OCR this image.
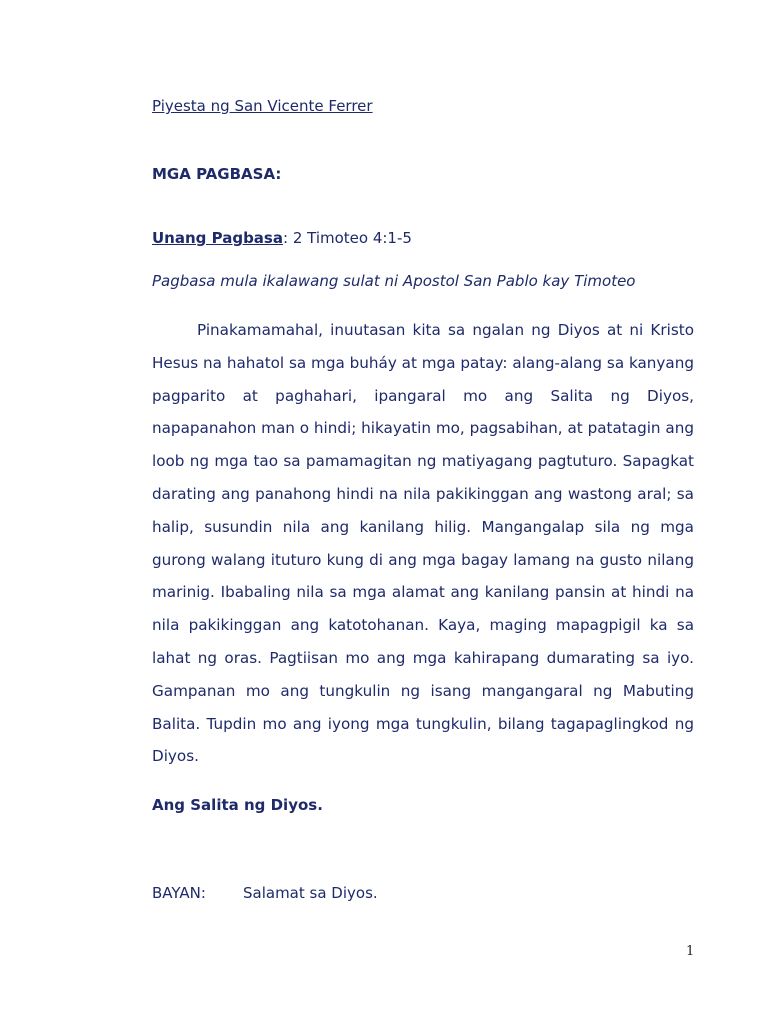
Piyesta ng San Vicente Ferrer
MGA PAGBASA:
Unang Pagbasa: 2 Timoteo 4:1-5
Pagbasa mula ikalawang sulat ni Apostol San Pablo kay Timoteo

Pinakamamahal, inuutasan kita sa ngalan ng Diyos at ni Kristo Hesus na hahatol sa mga buháy at mga patay: alang-alang sa kanyang pagparito at paghahari, ipangaral mo ang Salita ng Diyos, napapanahon man o hindi; hikayatin mo, pagsabihan, at patatagin ang loob ng mga tao sa pamamagitan ng matiyagang pagtuturo. Sapagkat darating ang panahong hindi na nila pakikinggan ang wastong aral; sa halip, susundin nila ang kanilang hilig. Mangangalap sila ng mga gurong walang ituturo kung di ang mga bagay lamang na gusto nilang marinig. Ibabaling nila sa mga alamat ang kanilang pansin at hindi na nila pakikinggan ang katotohanan. Kaya, maging mapagpigil ka sa lahat ng oras. Pagtiisan mo ang mga kahirapang dumarating sa iyo. Gampanan mo ang tungkulin ng isang mangangaral ng Mabuting Balita. Tupdin mo ang iyong mga tungkulin, bilang tagapaglingkod ng Diyos.

Ang Salita ng Diyos.
BAYAN: Salamat sa Diyos.
1
